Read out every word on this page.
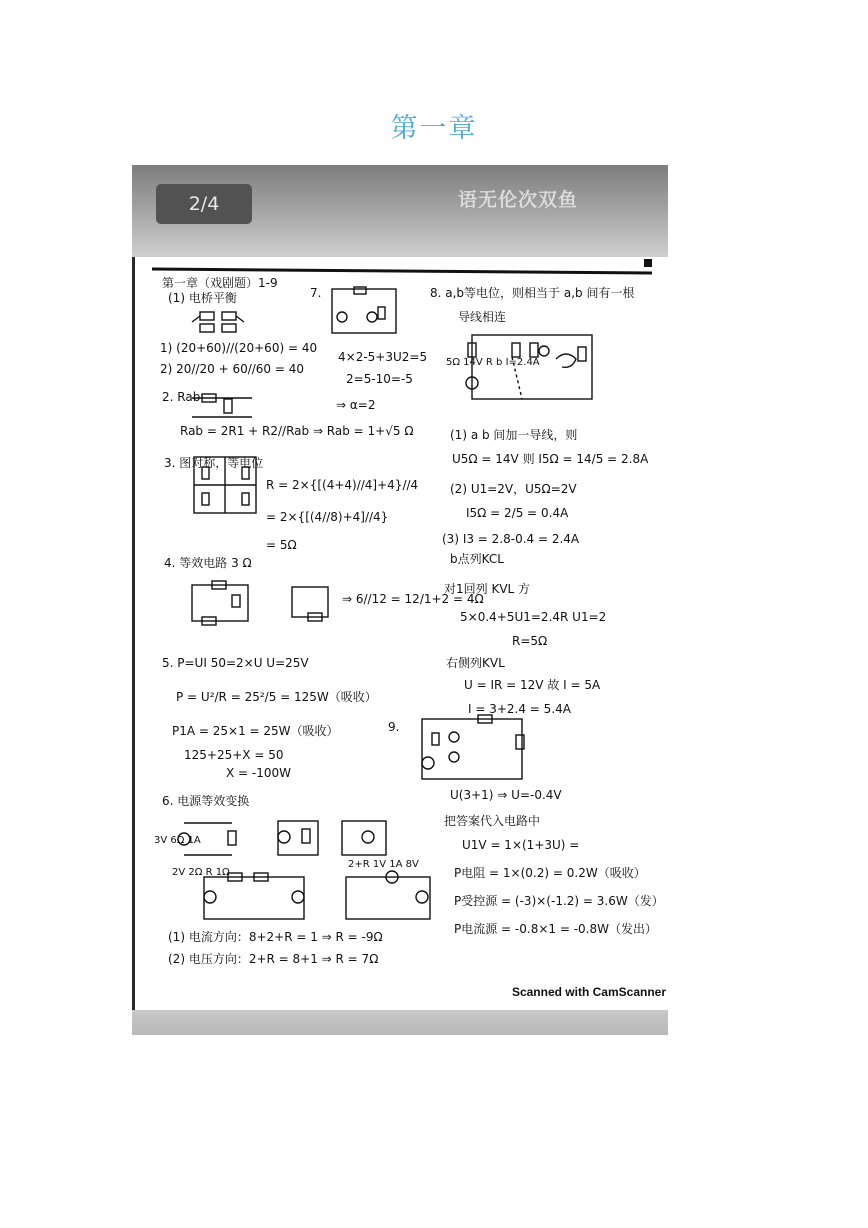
第一章
2/4	语无伦次双鱼
第一章（戏剧题）1-9
(1) 电桥平衡
1) (20+60)//(20+60) = 40
2) 20//20 + 60//60 = 40
2. Rab
Rab = 2R1 + R2//Rab ⇒ Rab = 1+√5 Ω
3. 图对称，等电位
R = 2×{[(4+4)//4]+4}//4
= 2×{[(4//8)+4]//4}
= 5Ω
4. 等效电路 3 Ω
⇒ 6//12 = 12/1+2 = 4Ω
5. P=UI 50=2×U U=25V
P = U²/R = 25²/5 = 125W（吸收）
P1A = 25×1 = 25W（吸收）
125+25+X = 50
X = -100W
6. 电源等效变换
3V 6Ω 1A
2V 2Ω R 1Ω
2+R 1V 1A 8V
(1) 电流方向：8+2+R = 1 ⇒ R = -9Ω
(2) 电压方向：2+R = 8+1 ⇒ R = 7Ω
7.
4×2-5+3U2=5
2=5-10=-5
⇒ α=2
8. a,b等电位，则相当于 a,b 间有一根
导线相连
5Ω 14V R b I=2.4A
(1) a b 间加一导线，则
U5Ω = 14V 则 I5Ω = 14/5 = 2.8A
(2) U1=2V，U5Ω=2V
I5Ω = 2/5 = 0.4A
(3) I3 = 2.8-0.4 = 2.4A
b点列KCL
对1回列 KVL 方
5×0.4+5U1=2.4R U1=2
R=5Ω
右侧列KVL
U = IR = 12V 故 I = 5A
I = 3+2.4 = 5.4A
9.
U(3+1) ⇒ U=-0.4V
把答案代入电路中
U1V = 1×(1+3U) =
P电阻 = 1×(0.2) = 0.2W（吸收）
P受控源 = (-3)×(-1.2) = 3.6W（发）
P电流源 = -0.8×1 = -0.8W（发出）
Scanned with CamScanner
